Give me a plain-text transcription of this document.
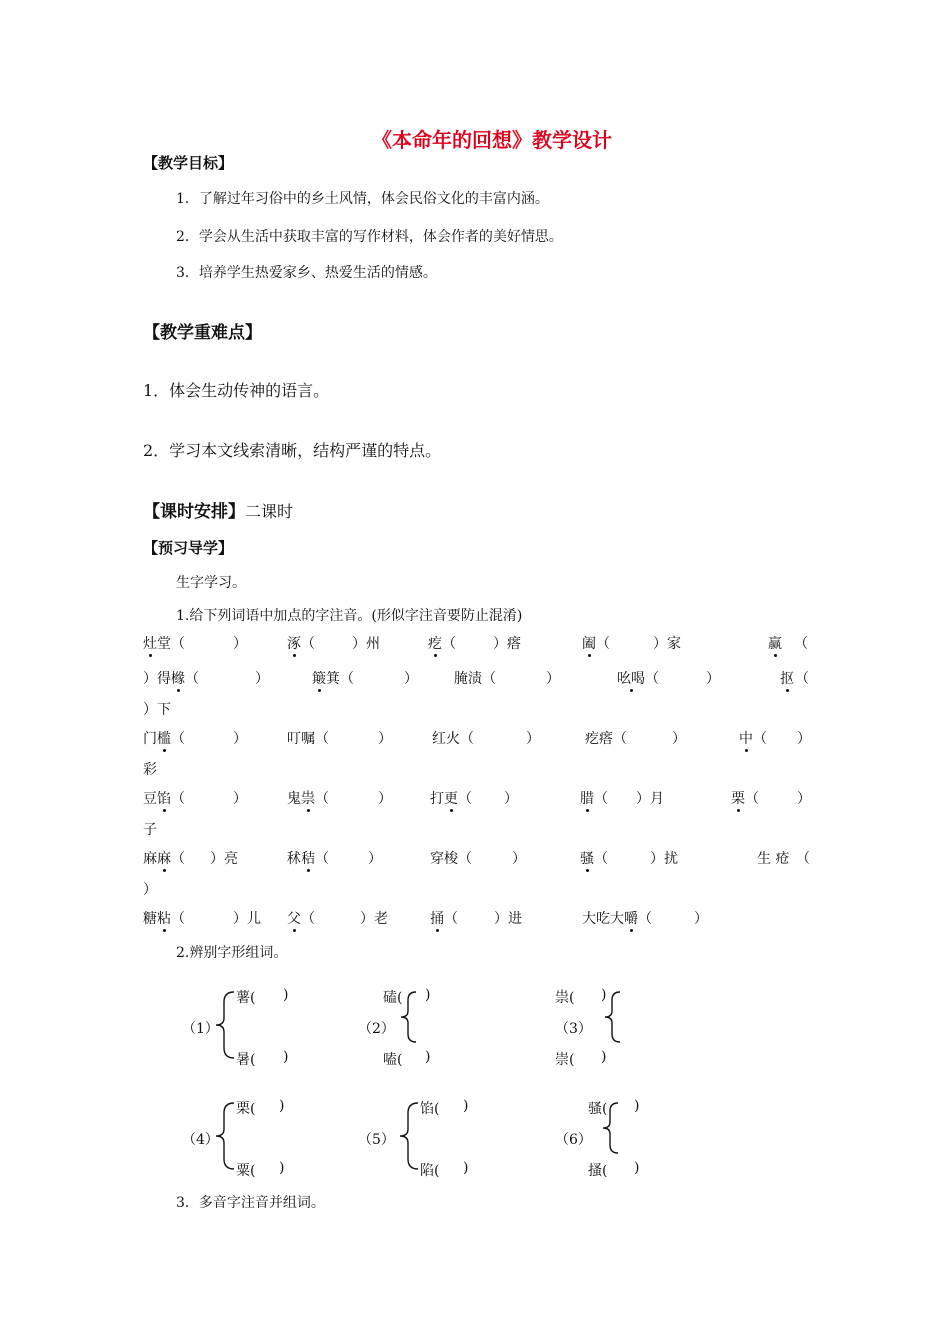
《本命年的回想》教学设计
【教学目标】
1．了解过年习俗中的乡土风情，体会民俗文化的丰富内涵。
2．学会从生活中获取丰富的写作材料，体会作者的美好情思。
3．培养学生热爱家乡、热爱生活的情感。
【教学重难点】
1．体会生动传神的语言。
2．学习本文线索清晰，结构严谨的特点。
【课时安排】二课时
【预习导学】
生字学习。
1.给下列词语中加点的字注音。(形似字注音要防止混淆)
灶堂（	）	涿（	）州	疙（	）瘩	阖（	）家	赢 （
）得橼（	）	簸箕（	）	腌渍（	）	吆喝（	）	抠 （
）下
门槛（	）	叮嘱（	）	红火（	）	疙瘩（	）	中（ ）
彩
豆馅（	）	鬼祟（	）	打更（ ）	腊（ ）月	栗（	）
子
麻麻（ ）亮	秫秸（	）	穿梭（	）	骚（	）扰	生 疮 （
）
糖粘（	）儿 父（	）老	捅（	）进	大吃大嚼（	）
2.辨别字形组词。
（1）
薯( )
暑( )
（2）
磕( )
嗑( )
（3）
祟( )
崇( )
（4）
栗( )
粟( )
（5）
馅( )
陷( )
（6）
骚( )
搔( )
3．多音字注音并组词。
